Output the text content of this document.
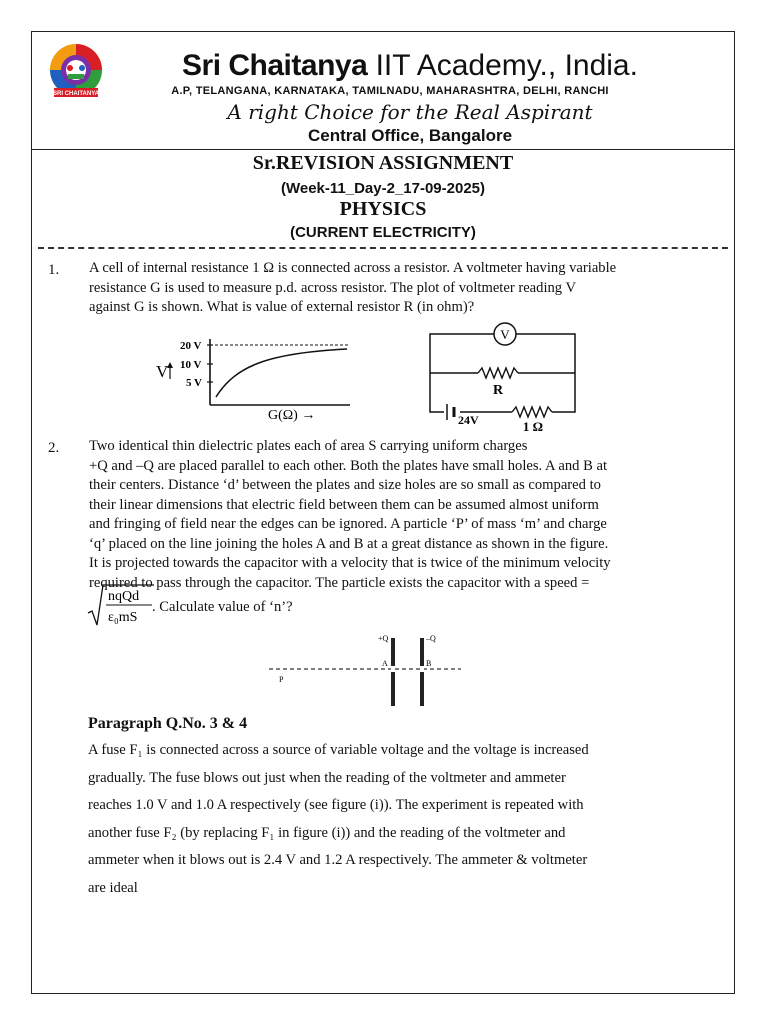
SRI CHAITANYA
Sri Chaitanya IIT Academy., India.
A.P, TELANGANA, KARNATAKA, TAMILNADU, MAHARASHTRA, DELHI, RANCHI
A right Choice for the Real Aspirant
Central Office, Bangalore
Sr.REVISION ASSIGNMENT
(Week-11_Day-2_17-09-2025)
PHYSICS
(CURRENT ELECTRICITY)
1. A cell of internal resistance 1 Ω is connected across a resistor. A voltmeter having variable
resistance G is used to measure p.d. across resistor. The plot of voltmeter reading V
against G is shown. What is value of external resistor R (in ohm)?
20 V
10 V
5 V
V
G(Ω) →
V
R
24V	1 Ω
2. Two identical thin dielectric plates each of area S carrying uniform charges
+Q and –Q are placed parallel to each other. Both the plates have small holes. A and B at
their centers. Distance ‘d’ between the plates and size holes are so small as compared to
their linear dimensions that electric field between them can be assumed almost uniform
and fringing of field near the edges can be ignored. A particle ‘P’ of mass ‘m’ and charge
‘q’ placed on the line joining the holes A and B at a great distance as shown in the figure.
It is projected towards the capacitor with a velocity that is twice of the minimum velocity
required to pass through the capacitor. The particle exists the capacitor with a speed =
nqQd
ε₀mS
. Calculate value of ‘n’?
+Q	–Q
A	B
P
Paragraph Q.No. 3 & 4
A fuse F₁ is connected across a source of variable voltage and the voltage is increased
gradually. The fuse blows out just when the reading of the voltmeter and ammeter
reaches 1.0 V and 1.0 A respectively (see figure (i)). The experiment is repeated with
another fuse F₂ (by replacing F₁ in figure (i)) and the reading of the voltmeter and
ammeter when it blows out is 2.4 V and 1.2 A respectively. The ammeter & voltmeter
are ideal
